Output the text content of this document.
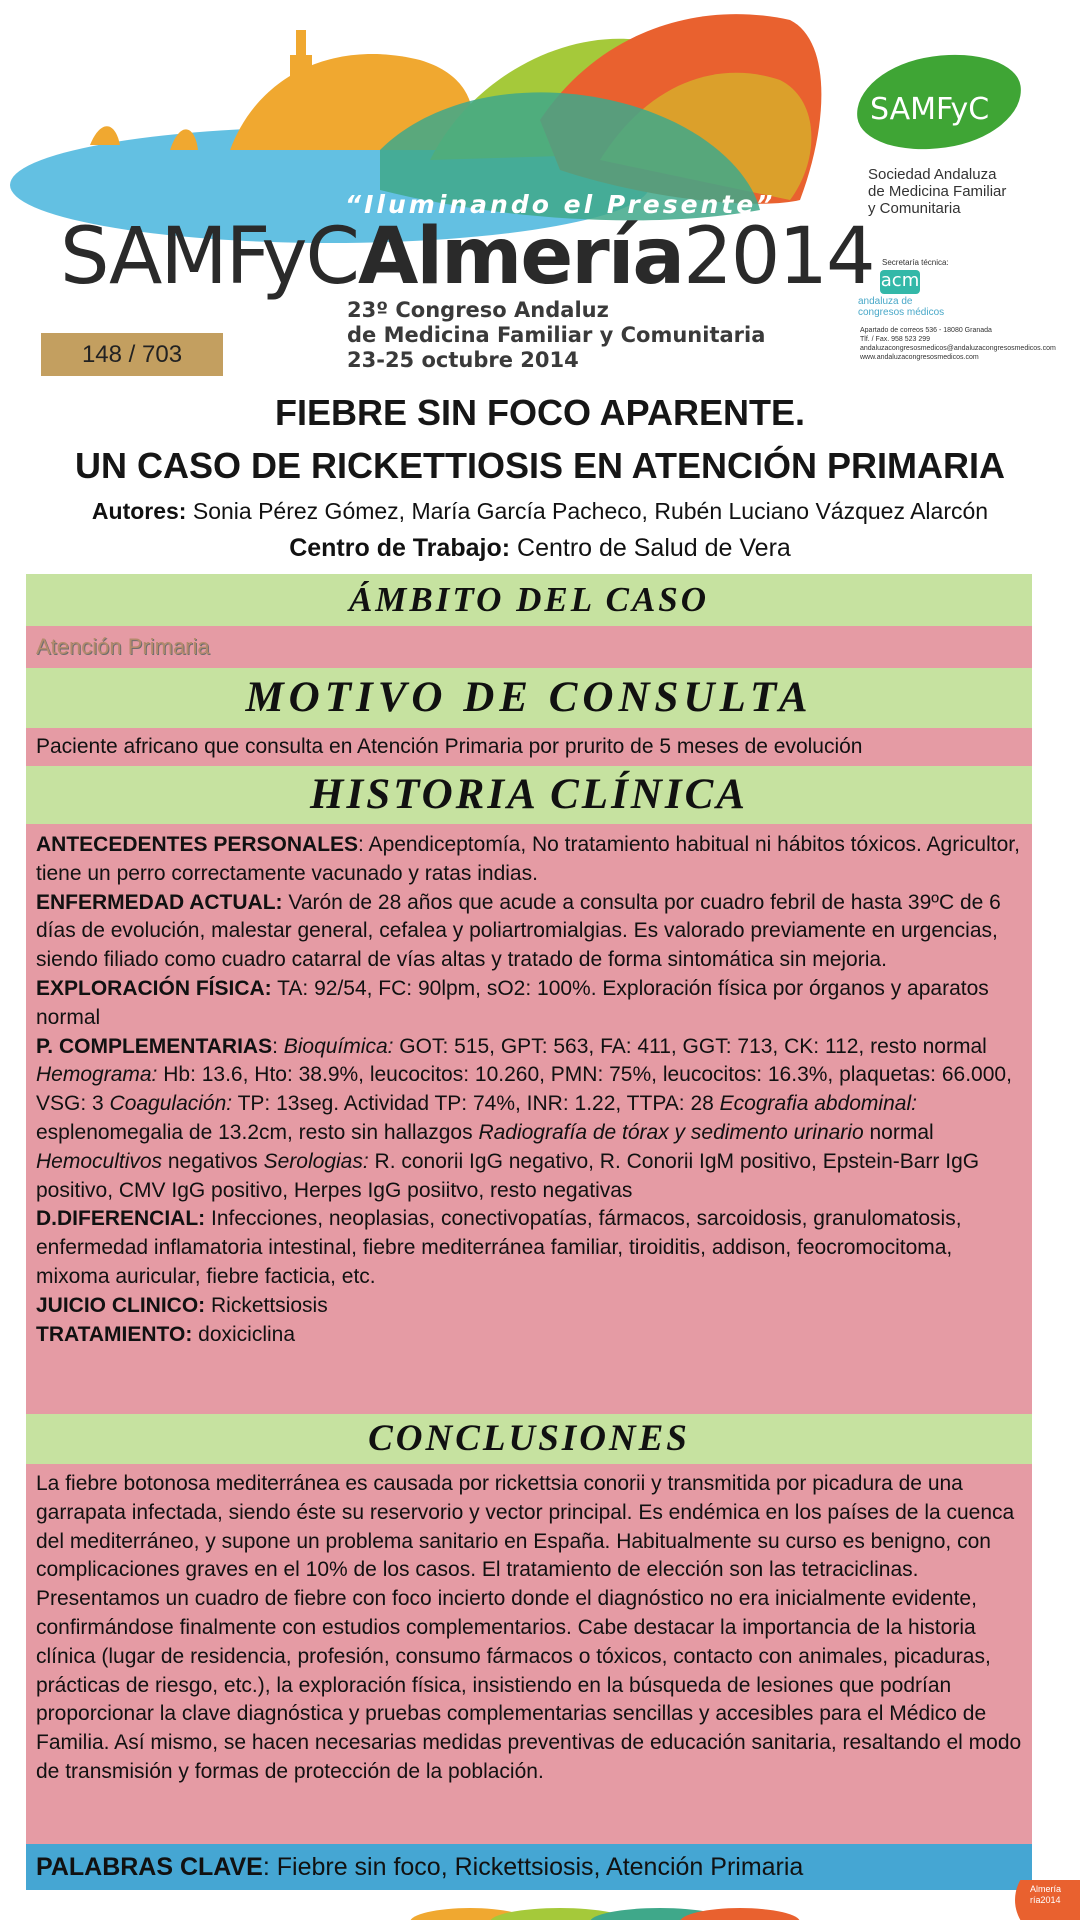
“Iluminando el Presente”
SAMFyCAlmería2014
23º Congreso Andaluz
de Medicina Familiar y Comunitaria
23-25 octubre 2014
148 / 703
SAMFyC
Sociedad Andaluza
de Medicina Familiar
y Comunitaria
Secretaría técnica:
acm
andaluza de
congresos médicos
Apartado de correos 536 - 18080 Granada
Tlf. / Fax. 958 523 299
andaluzacongresosmedicos@andaluzacongresosmedicos.com
www.andaluzacongresosmedicos.com
FIEBRE SIN FOCO APARENTE.
UN CASO DE RICKETTIOSIS EN ATENCIÓN PRIMARIA
Autores: Sonia Pérez Gómez, María García Pacheco, Rubén Luciano Vázquez Alarcón
Centro de Trabajo: Centro de Salud de Vera
ÁMBITO DEL CASO
Atención Primaria
MOTIVO DE CONSULTA
Paciente africano que consulta en Atención Primaria por prurito de 5 meses de evolución
HISTORIA CLÍNICA
ANTECEDENTES PERSONALES: Apendiceptomía, No tratamiento habitual ni hábitos tóxicos. Agricultor, tiene un perro correctamente vacunado y ratas indias.
ENFERMEDAD ACTUAL: Varón de 28 años que acude a consulta por cuadro febril de hasta 39ºC de 6 días de evolución, malestar general, cefalea y poliartromialgias. Es valorado previamente en urgencias, siendo filiado como cuadro catarral de vías altas y tratado de forma sintomática sin mejoria.
EXPLORACIÓN FÍSICA: TA: 92/54, FC: 90lpm, sO2: 100%. Exploración física por órganos y aparatos normal
P. COMPLEMENTARIAS: Bioquímica: GOT: 515, GPT: 563, FA: 411, GGT: 713, CK: 112, resto normal Hemograma: Hb: 13.6, Hto: 38.9%, leucocitos: 10.260, PMN: 75%, leucocitos: 16.3%, plaquetas: 66.000, VSG: 3 Coagulación: TP: 13seg. Actividad TP: 74%, INR: 1.22, TTPA: 28 Ecografia abdominal: esplenomegalia de 13.2cm, resto sin hallazgos Radiografía de tórax y sedimento urinario normal Hemocultivos negativos Serologias: R. conorii IgG negativo, R. Conorii IgM positivo, Epstein-Barr IgG positivo, CMV IgG positivo, Herpes IgG posiitvo, resto negativas
D.DIFERENCIAL: Infecciones, neoplasias, conectivopatías, fármacos, sarcoidosis, granulomatosis, enfermedad inflamatoria intestinal, fiebre mediterránea familiar, tiroiditis, addison, feocromocitoma, mixoma auricular, fiebre facticia, etc.
JUICIO CLINICO: Rickettsiosis
TRATAMIENTO: doxiciclina
CONCLUSIONES
La fiebre botonosa mediterránea es causada por rickettsia conorii y transmitida por picadura de una garrapata infectada, siendo éste su reservorio y vector principal. Es endémica en los países de la cuenca del mediterráneo, y supone un problema sanitario en España. Habitualmente su curso es benigno, con complicaciones graves en el 10% de los casos. El tratamiento de elección son las tetraciclinas. Presentamos un cuadro de fiebre con foco incierto donde el diagnóstico no era inicialmente evidente, confirmándose finalmente con estudios complementarios. Cabe destacar la importancia de la historia clínica (lugar de residencia, profesión, consumo fármacos o tóxicos, contacto con animales, picaduras, prácticas de riesgo, etc.), la exploración física, insistiendo en la búsqueda de lesiones que podrían proporcionar la clave diagnóstica y pruebas complementarias sencillas y accesibles para el Médico de Familia. Así mismo, se hacen necesarias medidas preventivas de educación sanitaria, resaltando el modo de transmisión y formas de protección de la población.
PALABRAS CLAVE: Fiebre sin foco, Rickettsiosis, Atención Primaria
Almería
ría2014
